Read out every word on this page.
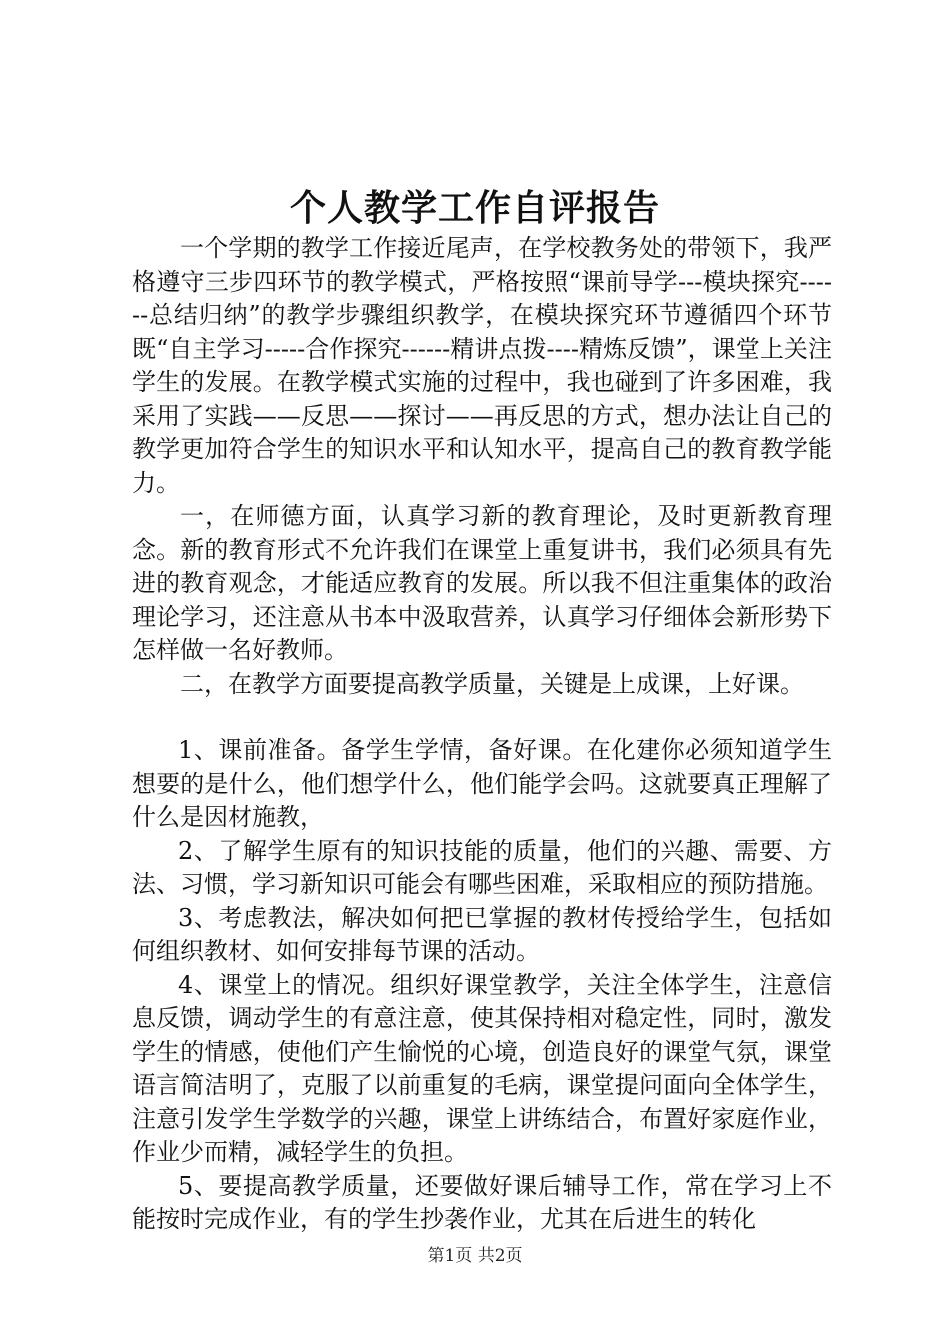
个人教学工作自评报告

一个学期的教学工作接近尾声，在学校教务处的带领下，我严格遵守三步四环节的教学模式，严格按照“课前导学---模块探究------总结归纳”的教学步骤组织教学，在模块探究环节遵循四个环节既“自主学习-----合作探究------精讲点拨----精炼反馈”，课堂上关注学生的发展。在教学模式实施的过程中，我也碰到了许多困难，我采用了实践——反思——探讨——再反思的方式，想办法让自己的教学更加符合学生的知识水平和认知水平，提高自己的教育教学能力。

一，在师德方面，认真学习新的教育理论，及时更新教育理念。新的教育形式不允许我们在课堂上重复讲书，我们必须具有先进的教育观念，才能适应教育的发展。所以我不但注重集体的政治理论学习，还注意从书本中汲取营养，认真学习仔细体会新形势下怎样做一名好教师。

二，在教学方面要提高教学质量，关键是上成课，上好课。

1、课前准备。备学生学情，备好课。在化建你必须知道学生想要的是什么，他们想学什么，他们能学会吗。这就要真正理解了什么是因材施教，

2、了解学生原有的知识技能的质量，他们的兴趣、需要、方法、习惯，学习新知识可能会有哪些困难，采取相应的预防措施。

3、考虑教法，解决如何把已掌握的教材传授给学生，包括如何组织教材、如何安排每节课的活动。

4、课堂上的情况。组织好课堂教学，关注全体学生，注意信息反馈，调动学生的有意注意，使其保持相对稳定性，同时，激发学生的情感，使他们产生愉悦的心境，创造良好的课堂气氛，课堂语言简洁明了，克服了以前重复的毛病，课堂提问面向全体学生，注意引发学生学数学的兴趣，课堂上讲练结合，布置好家庭作业，作业少而精，减轻学生的负担。

5、要提高教学质量，还要做好课后辅导工作，常在学习上不能按时完成作业，有的学生抄袭作业，尤其在后进生的转化

第1页 共2页
